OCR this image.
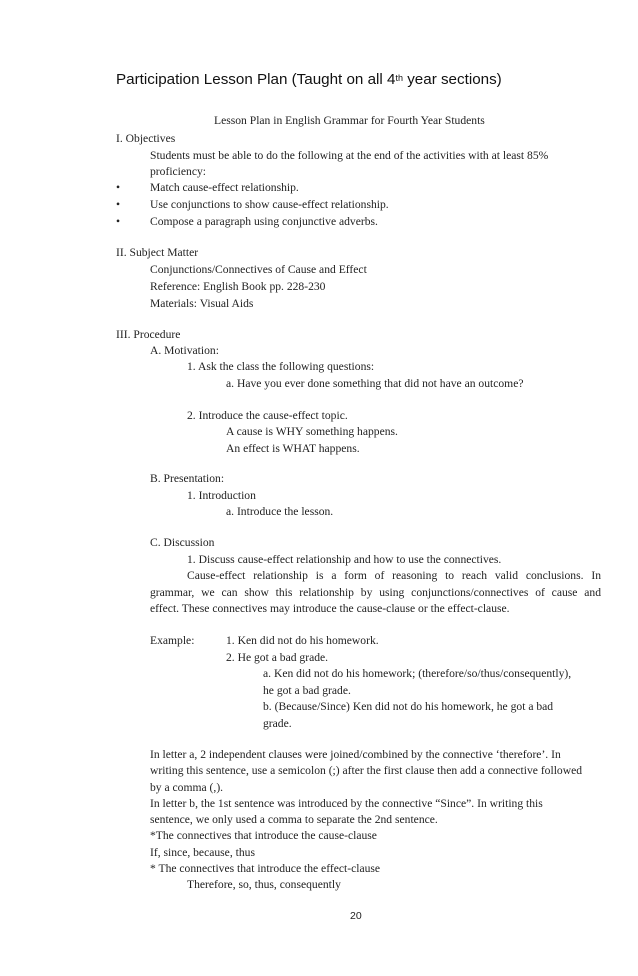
Participation Lesson Plan (Taught on all 4th year sections)
Lesson Plan in English Grammar for Fourth Year Students
I. Objectives
Students must be able to do the following at the end of the activities with at least 85%
proficiency:
•	Match cause-effect relationship.
•	Use conjunctions to show cause-effect relationship.
•	Compose a paragraph using conjunctive adverbs.
II. Subject Matter
Conjunctions/Connectives of Cause and Effect
Reference: English Book pp. 228-230
Materials: Visual Aids
III. Procedure
A. Motivation:
1. Ask the class the following questions:
a. Have you ever done something that did not have an outcome?
2. Introduce the cause-effect topic.
A cause is WHY something happens.
An effect is WHAT happens.
B. Presentation:
1. Introduction
a. Introduce the lesson.
C. Discussion
1. Discuss cause-effect relationship and how to use the connectives.
Cause-effect relationship is a form of reasoning to reach valid conclusions. In
grammar, we can show this relationship by using conjunctions/connectives of cause and
effect. These connectives may introduce the cause-clause or the effect-clause.
Example:	1. Ken did not do his homework.
2. He got a bad grade.
a. Ken did not do his homework; (therefore/so/thus/consequently),
he got a bad grade.
b. (Because/Since) Ken did not do his homework, he got a bad
grade.
In letter a, 2 independent clauses were joined/combined by the connective ‘therefore’. In
writing this sentence, use a semicolon (;) after the first clause then add a connective followed
by a comma (,).
In letter b, the 1st sentence was introduced by the connective “Since”. In writing this
sentence, we only used a comma to separate the 2nd sentence.
*The connectives that introduce the cause-clause
If, since, because, thus
* The connectives that introduce the effect-clause
Therefore, so, thus, consequently
20
